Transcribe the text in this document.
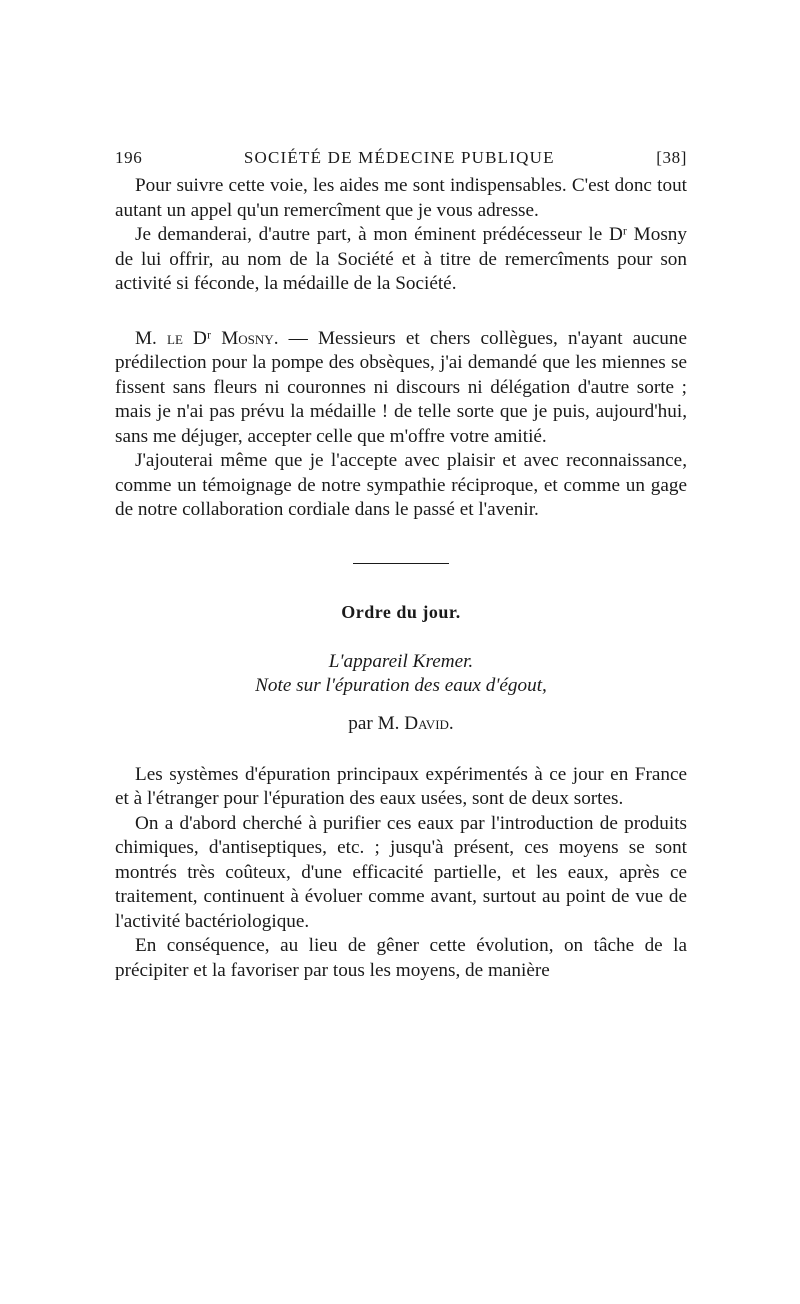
196	SOCIÉTÉ DE MÉDECINE PUBLIQUE	[38]

Pour suivre cette voie, les aides me sont indispensables. C'est donc tout autant un appel qu'un remercîment que je vous adresse.

Je demanderai, d'autre part, à mon éminent prédécesseur le Dʳ Mosny de lui offrir, au nom de la Société et à titre de remercîments pour son activité si féconde, la médaille de la Société.

M. le Dʳ Mosny. — Messieurs et chers collègues, n'ayant aucune prédilection pour la pompe des obsèques, j'ai demandé que les miennes se fissent sans fleurs ni couronnes ni discours ni délégation d'autre sorte ; mais je n'ai pas prévu la médaille ! de telle sorte que je puis, aujourd'hui, sans me déjuger, accepter celle que m'offre votre amitié.

J'ajouterai même que je l'accepte avec plaisir et avec reconnaissance, comme un témoignage de notre sympathie réciproque, et comme un gage de notre collaboration cordiale dans le passé et l'avenir.

Ordre du jour.
L'appareil Kremer.
Note sur l'épuration des eaux d'égout,
par M. David.

Les systèmes d'épuration principaux expérimentés à ce jour en France et à l'étranger pour l'épuration des eaux usées, sont de deux sortes.

On a d'abord cherché à purifier ces eaux par l'introduction de produits chimiques, d'antiseptiques, etc. ; jusqu'à présent, ces moyens se sont montrés très coûteux, d'une efficacité partielle, et les eaux, après ce traitement, continuent à évoluer comme avant, surtout au point de vue de l'activité bactériologique.

En conséquence, au lieu de gêner cette évolution, on tâche de la précipiter et la favoriser par tous les moyens, de manière
